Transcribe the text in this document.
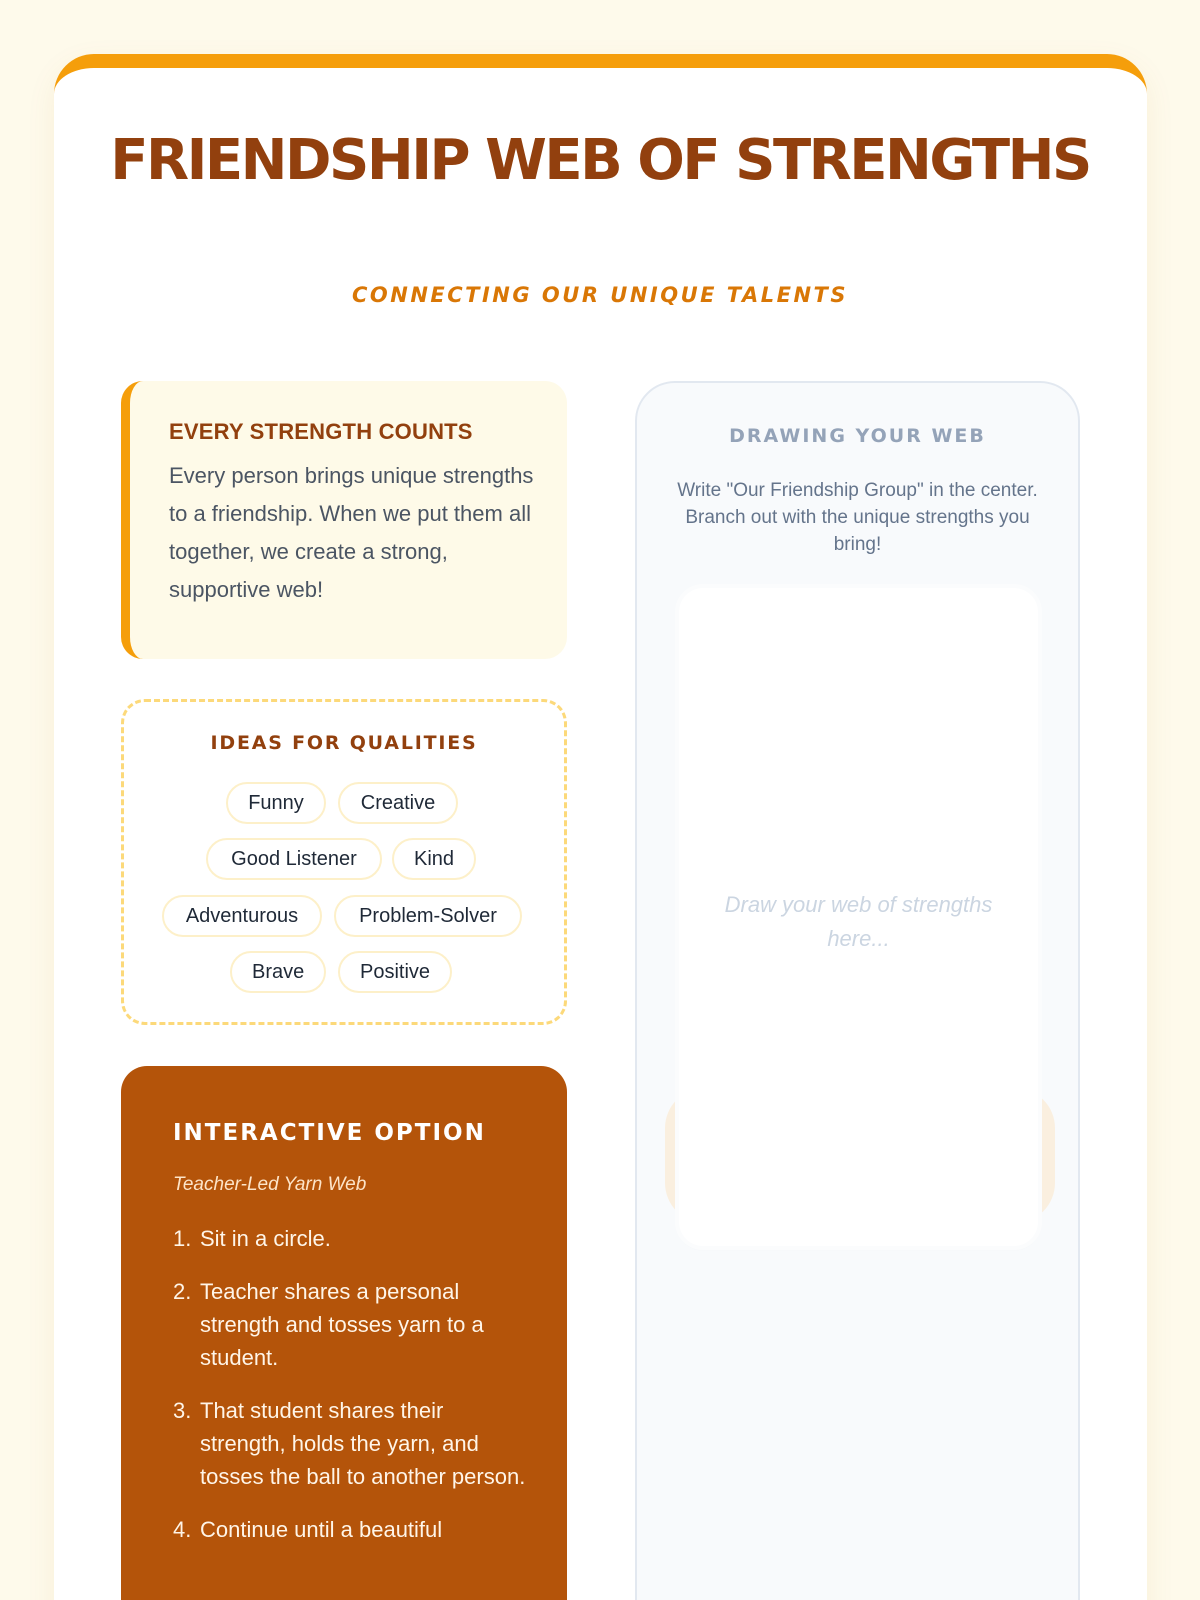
FRIENDSHIP WEB OF STRENGTHS
CONNECTING OUR UNIQUE TALENTS
EVERY STRENGTH COUNTS

Every person brings unique strengths to a friendship. When we put them all together, we create a strong, supportive web!

IDEAS FOR QUALITIES
Funny	Creative
Good Listener	Kind
Adventurous	Problem-Solver
Brave	Positive
INTERACTIVE OPTION
Teacher-Led Yarn Web
1. Sit in a circle.
2. Teacher shares a personal strength and tosses yarn to a student.
3. That student shares their strength, holds the yarn, and tosses the ball to another person.
4. Continue until a beautiful
DRAWING YOUR WEB

Write "Our Friendship Group" in the center. Branch out with the unique strengths you bring!

Draw your web of strengths here...
